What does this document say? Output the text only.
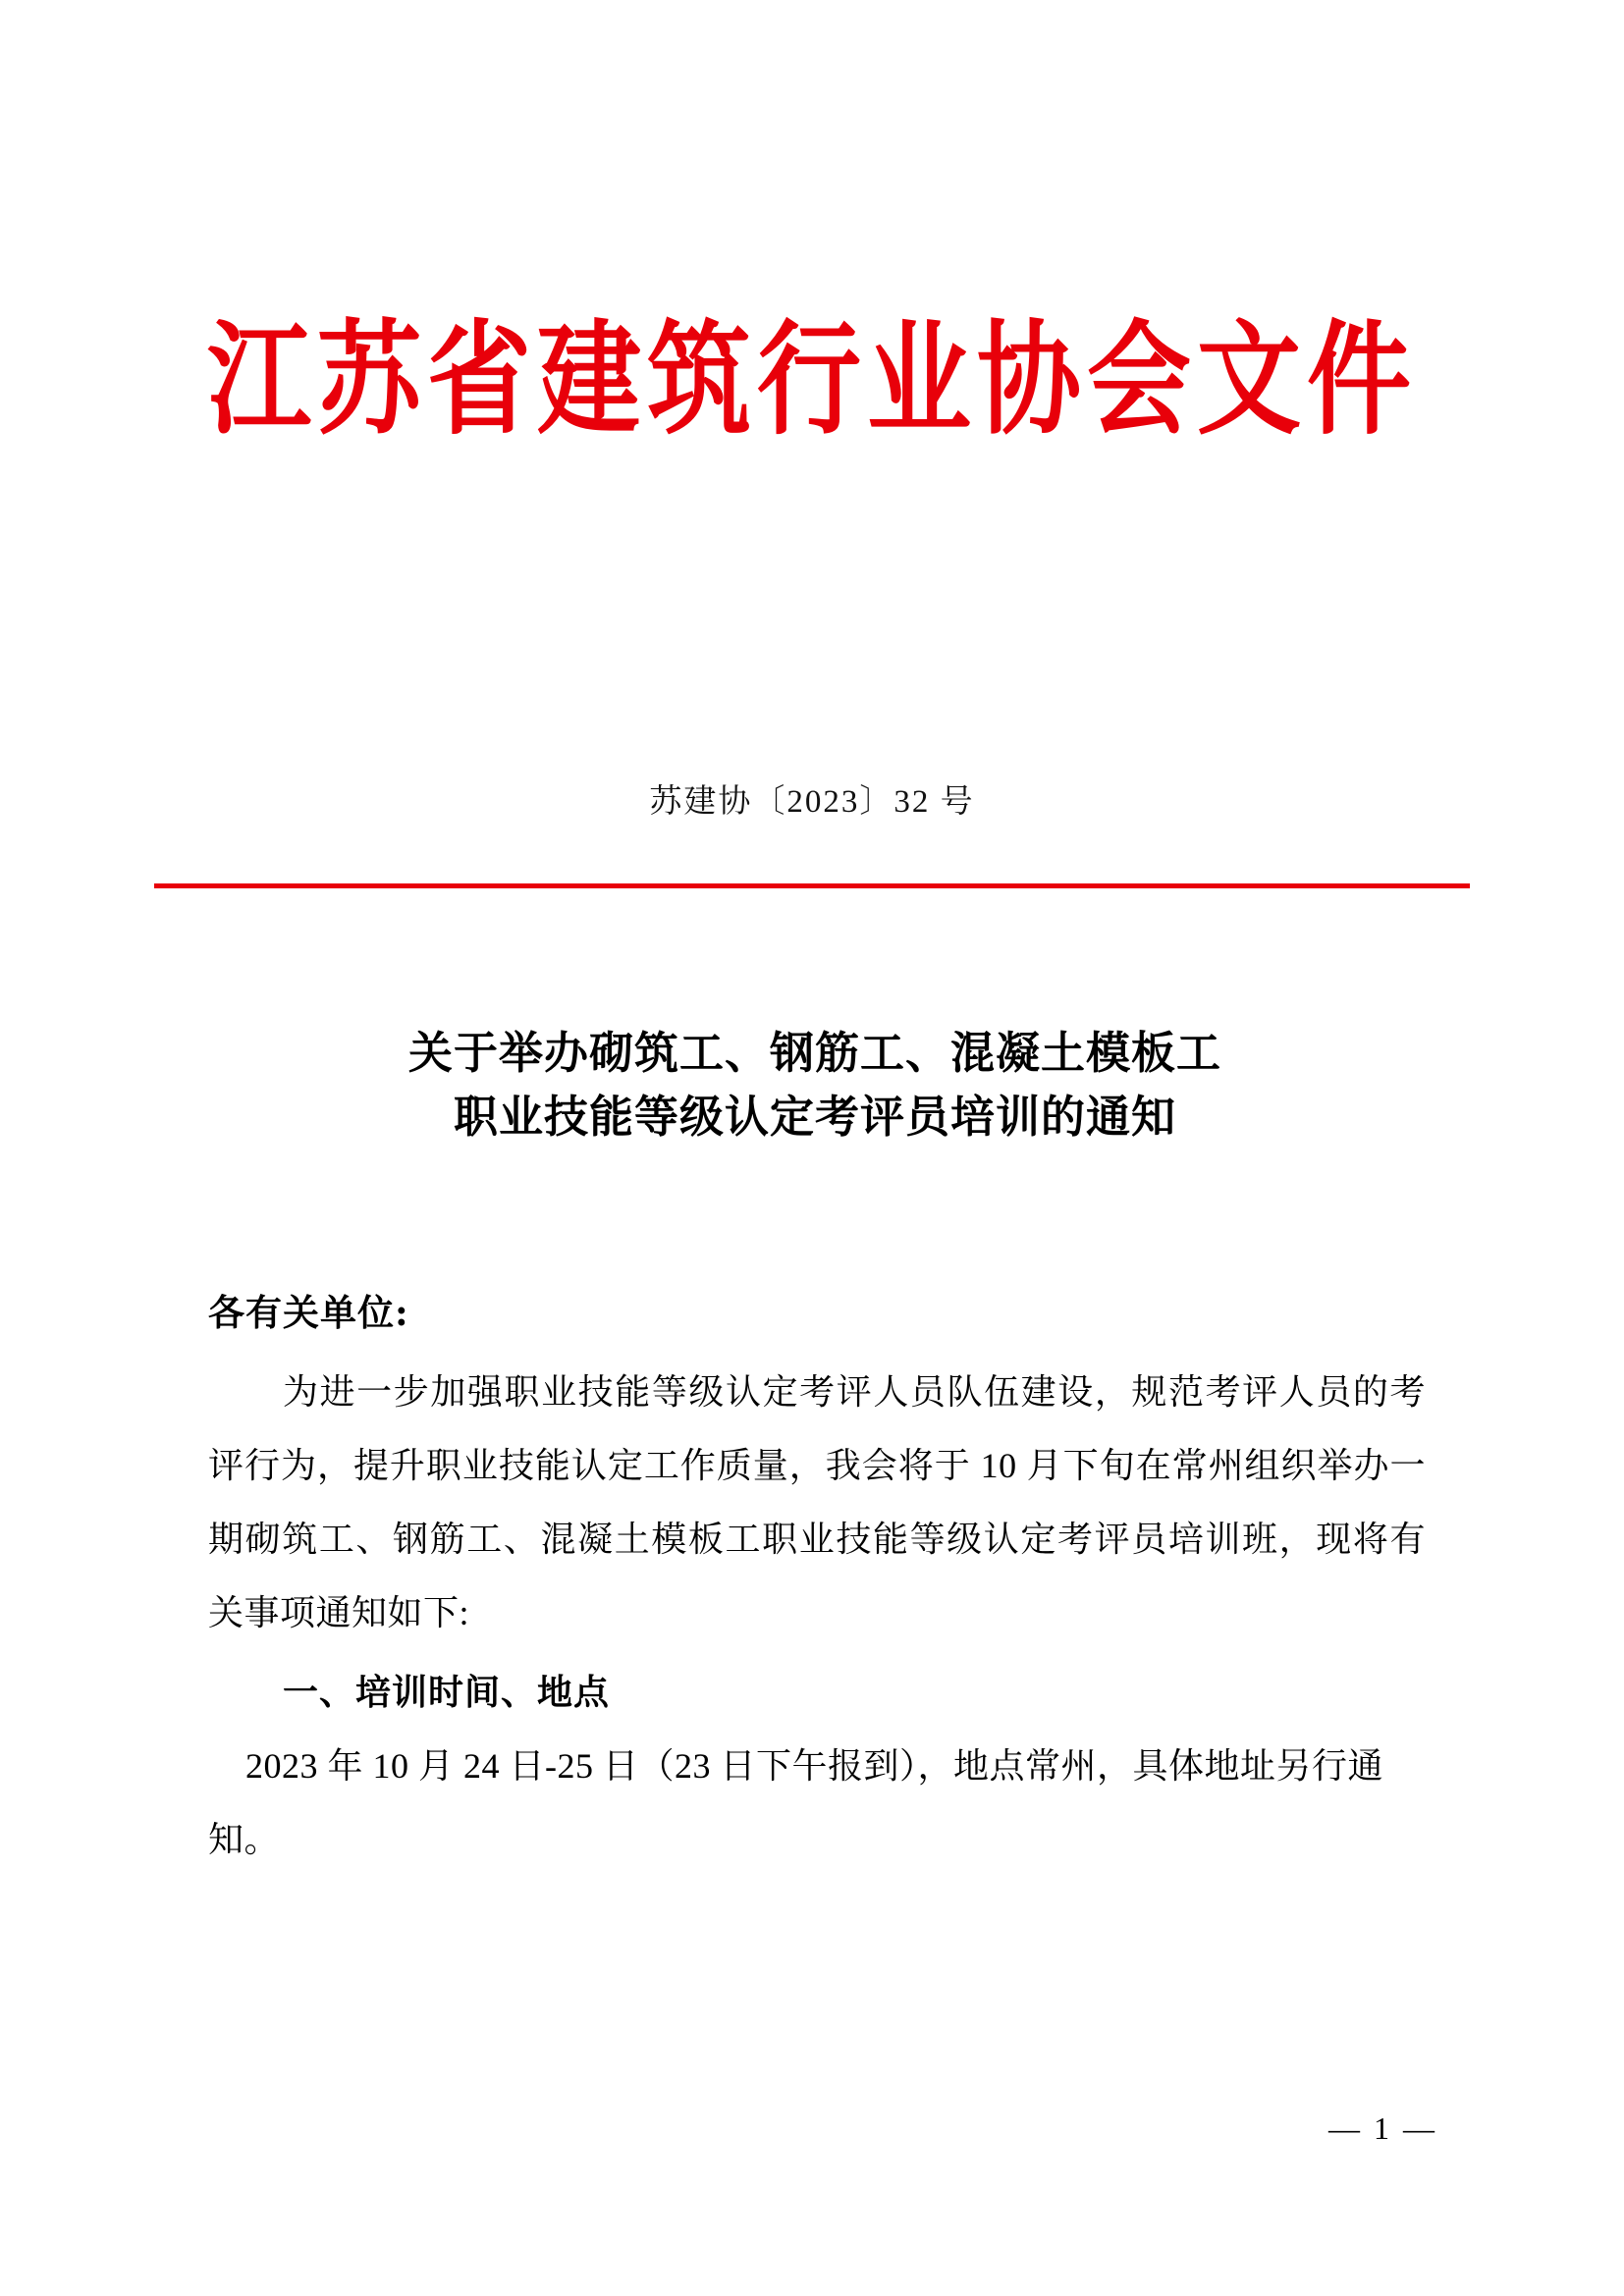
江苏省建筑行业协会文件
苏建协〔2023〕32 号
关于举办砌筑工、钢筋工、混凝土模板工
职业技能等级认定考评员培训的通知

各有关单位:

为进一步加强职业技能等级认定考评人员队伍建设，规范考评人员的考评行为，提升职业技能认定工作质量，我会将于 10 月下旬在常州组织举办一期砌筑工、钢筋工、混凝土模板工职业技能等级认定考评员培训班，现将有关事项通知如下:

一、培训时间、地点

2023 年 10 月 24 日-25 日（23 日下午报到），地点常州，具体地址另行通知。

— 1 —
